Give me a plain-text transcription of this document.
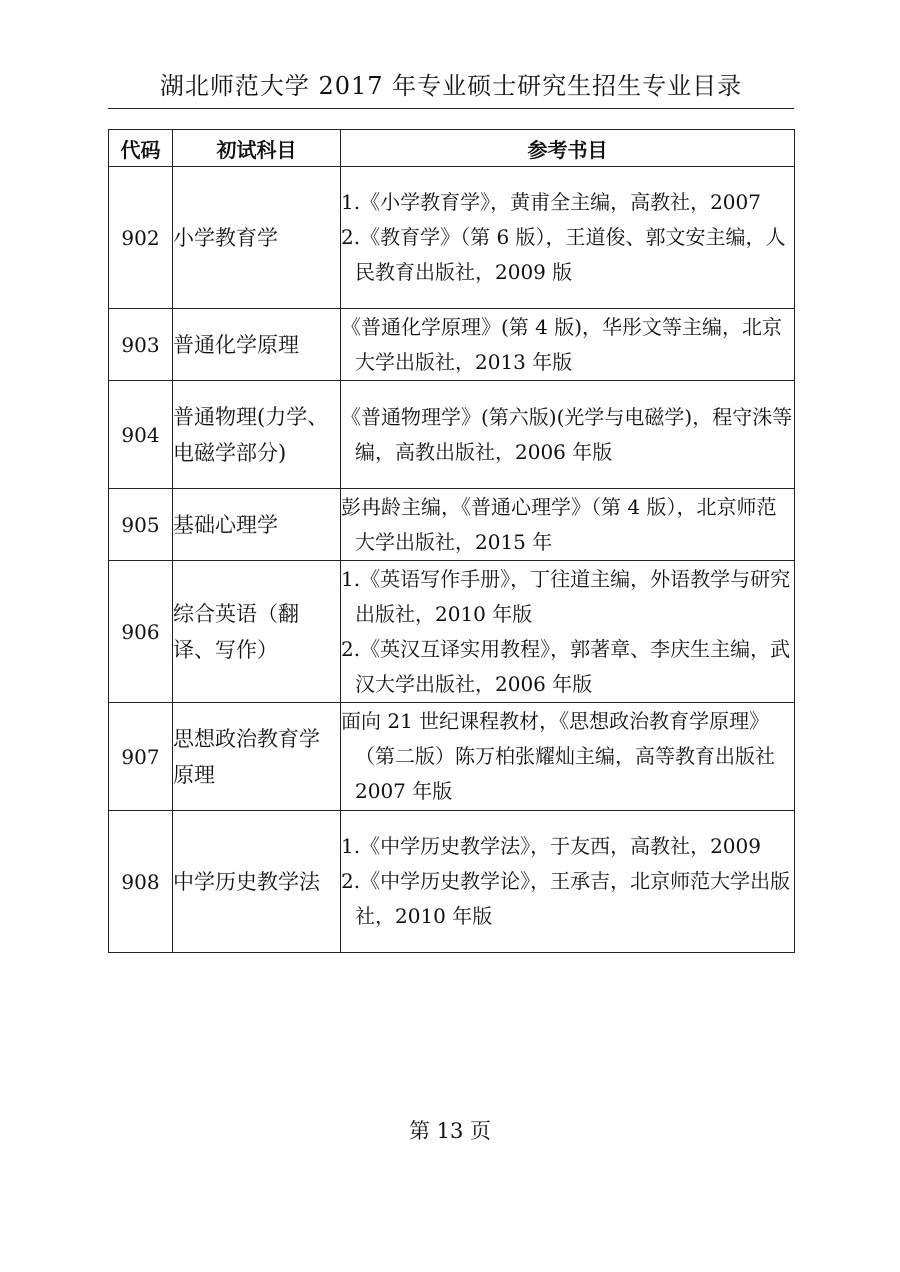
湖北师范大学 2017 年专业硕士研究生招生专业目录
代码	初试科目	参考书目
902	小学教育学	1.《小学教育学》，黄甫全主编，高教社，2007
2.《教育学》（第 6 版），王道俊、郭文安主编，人民教育出版社，2009 版

903	普通化学原理	《普通化学原理》(第 4 版)，华彤文等主编，北京大学出版社，2013 年版

904	普通物理(力学、电磁学部分)	《普通物理学》(第六版)(光学与电磁学)，程守洙等编，高教出版社，2006 年版

905	基础心理学	彭冉龄主编，《普通心理学》（第 4 版），北京师范大学出版社，2015 年

906	综合英语（翻译、写作）	1.《英语写作手册》，丁往道主编，外语教学与研究出版社，2010 年版
2.《英汉互译实用教程》，郭著章、李庆生主编，武汉大学出版社，2006 年版

907	思想政治教育学原理	面向 21 世纪课程教材，《思想政治教育学原理》（第二版）陈万柏张耀灿主编，高等教育出版社 2007 年版

908	中学历史教学法	1.《中学历史教学法》，于友西，高教社，2009
2.《中学历史教学论》，王承吉，北京师范大学出版社，2010 年版
第 13 页
